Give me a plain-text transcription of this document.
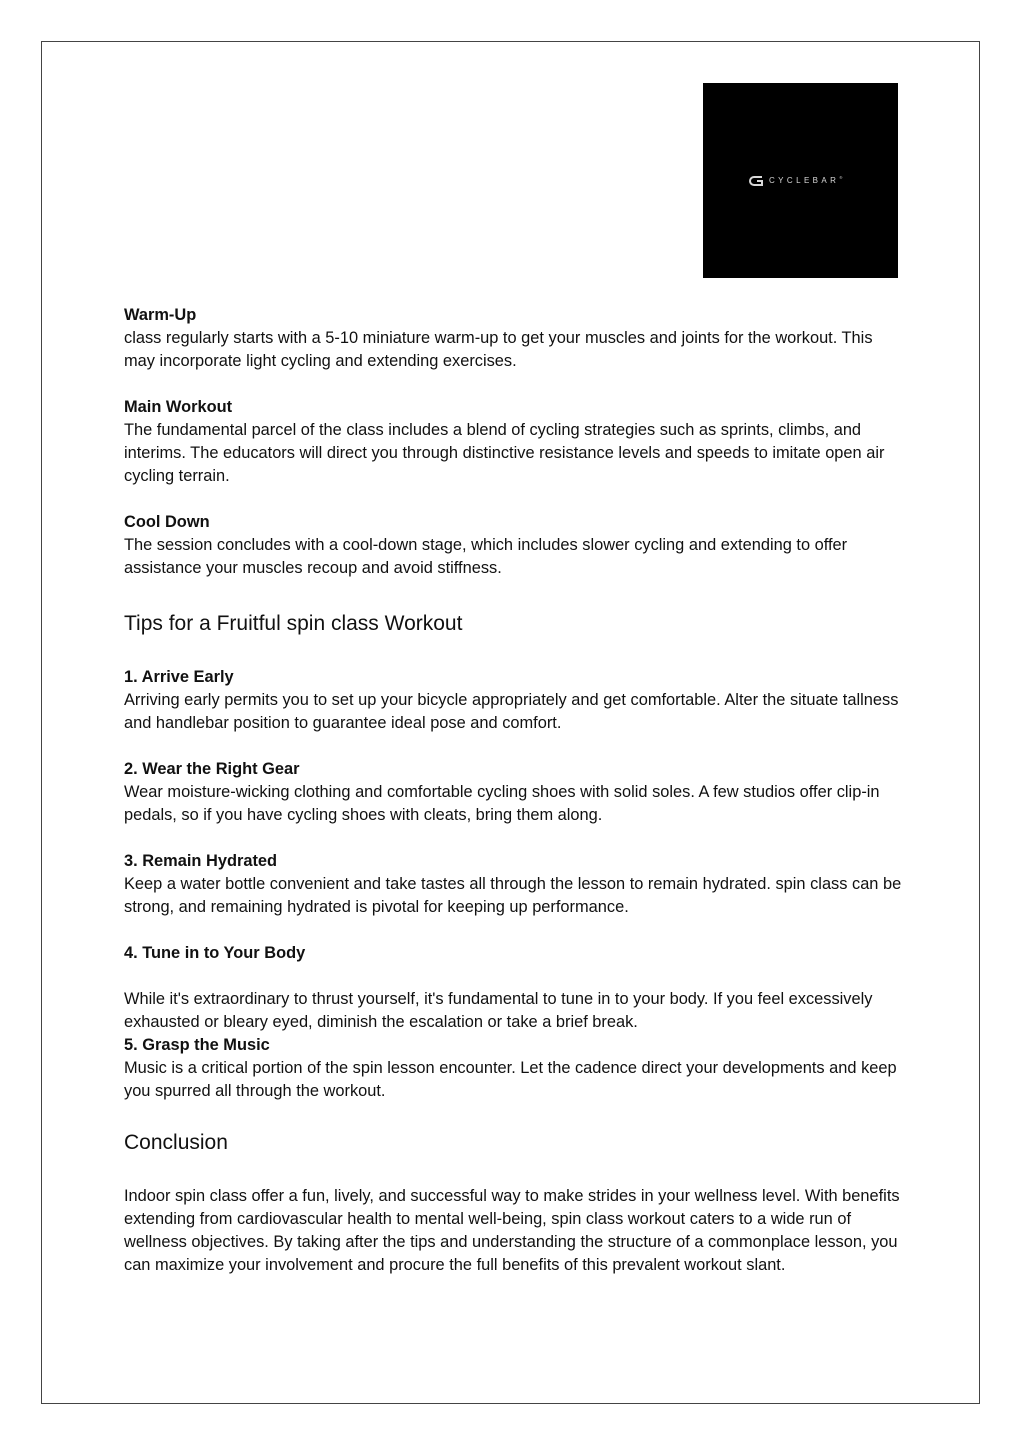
CYCLEBAR®

Warm-Up

class regularly starts with a 5-10 miniature warm-up to get your muscles and joints for the workout. This may incorporate light cycling and extending exercises.

Main Workout

The fundamental parcel of the class includes a blend of cycling strategies such as sprints, climbs, and interims. The educators will direct you through distinctive resistance levels and speeds to imitate open air cycling terrain.

Cool Down

The session concludes with a cool-down stage, which includes slower cycling and extending to offer assistance your muscles recoup and avoid stiffness.

Tips for a Fruitful spin class Workout

1. Arrive Early

Arriving early permits you to set up your bicycle appropriately and get comfortable. Alter the situate tallness and handlebar position to guarantee ideal pose and comfort.

2. Wear the Right Gear

Wear moisture-wicking clothing and comfortable cycling shoes with solid soles. A few studios offer clip-in pedals, so if you have cycling shoes with cleats, bring them along.

3. Remain Hydrated

Keep a water bottle convenient and take tastes all through the lesson to remain hydrated. spin class can be strong, and remaining hydrated is pivotal for keeping up performance.

4. Tune in to Your Body

While it's extraordinary to thrust yourself, it's fundamental to tune in to your body. If you feel excessively exhausted or bleary eyed, diminish the escalation or take a brief break.

5. Grasp the Music

Music is a critical portion of the spin lesson encounter. Let the cadence direct your developments and keep you spurred all through the workout.

Conclusion

Indoor spin class offer a fun, lively, and successful way to make strides in your wellness level. With benefits extending from cardiovascular health to mental well-being, spin class workout caters to a wide run of wellness objectives. By taking after the tips and understanding the structure of a commonplace lesson, you can maximize your involvement and procure the full benefits of this prevalent workout slant.
